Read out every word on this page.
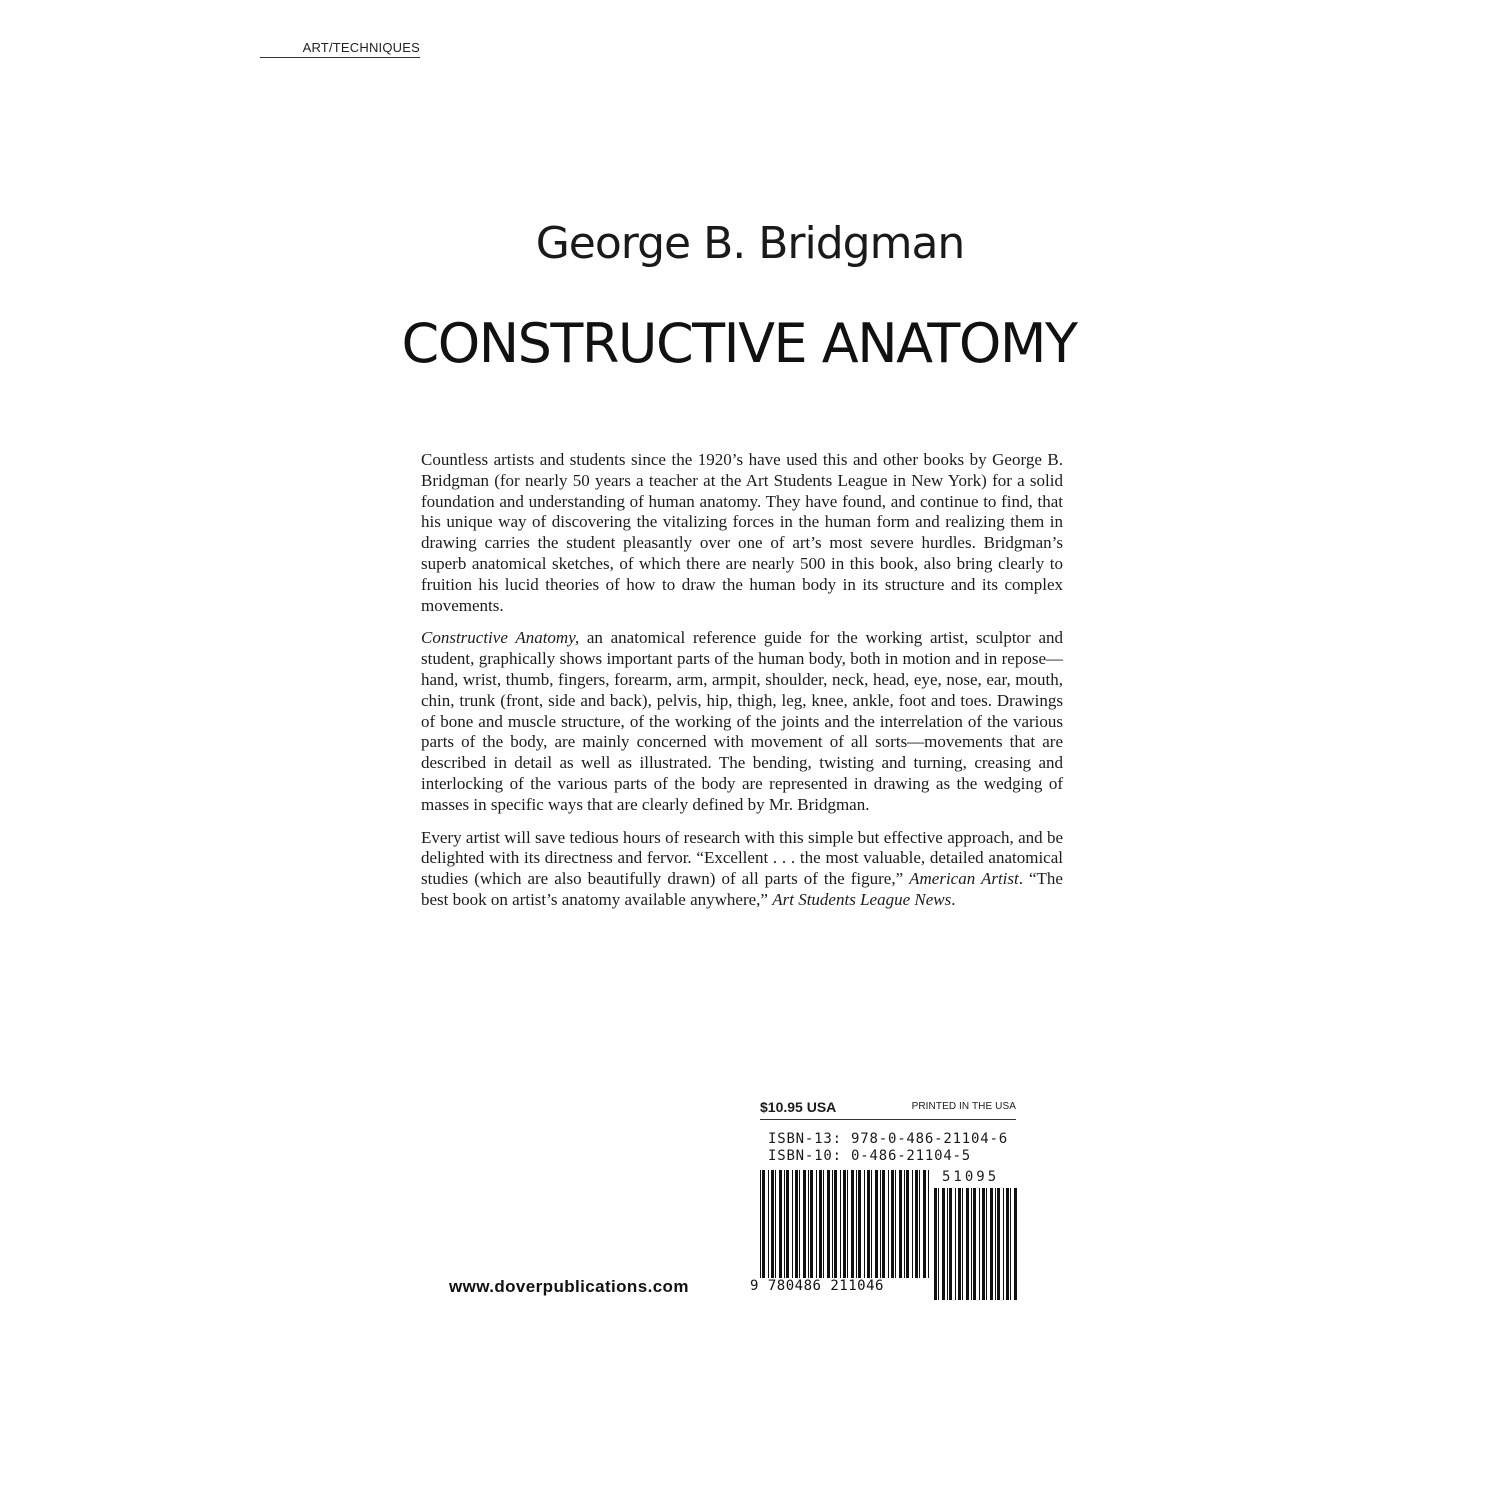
ART/TECHNIQUES
George B. Bridgman
CONSTRUCTIVE ANATOMY

Countless artists and students since the 1920’s have used this and other books by George B. Bridgman (for nearly 50 years a teacher at the Art Students League in New York) for a solid foundation and understanding of human anatomy. They have found, and continue to find, that his unique way of discovering the vitalizing forces in the human form and realizing them in drawing carries the student pleasantly over one of art’s most severe hurdles. Bridgman’s superb anatomical sketches, of which there are nearly 500 in this book, also bring clearly to fruition his lucid theories of how to draw the human body in its structure and its complex movements.

Constructive Anatomy, an anatomical reference guide for the working artist, sculptor and student, graphically shows important parts of the human body, both in motion and in repose—hand, wrist, thumb, fingers, forearm, arm, armpit, shoulder, neck, head, eye, nose, ear, mouth, chin, trunk (front, side and back), pelvis, hip, thigh, leg, knee, ankle, foot and toes. Drawings of bone and muscle structure, of the working of the joints and the interrelation of the various parts of the body, are mainly concerned with movement of all sorts—movements that are described in detail as well as illustrated. The bending, twisting and turning, creasing and interlocking of the various parts of the body are represented in drawing as the wedging of masses in specific ways that are clearly defined by Mr. Bridgman.

Every artist will save tedious hours of research with this simple but effective approach, and be delighted with its directness and fervor. “Excellent . . . the most valuable, detailed anatomical studies (which are also beautifully drawn) of all parts of the figure,” American Artist. “The best book on artist’s anatomy available anywhere,” Art Students League News.

$10.95 USA	PRINTED IN THE USA
ISBN-13: 978-0-486-21104-6
ISBN-10: 0-486-21104-5
51095
9 780486 211046
www.doverpublications.com
